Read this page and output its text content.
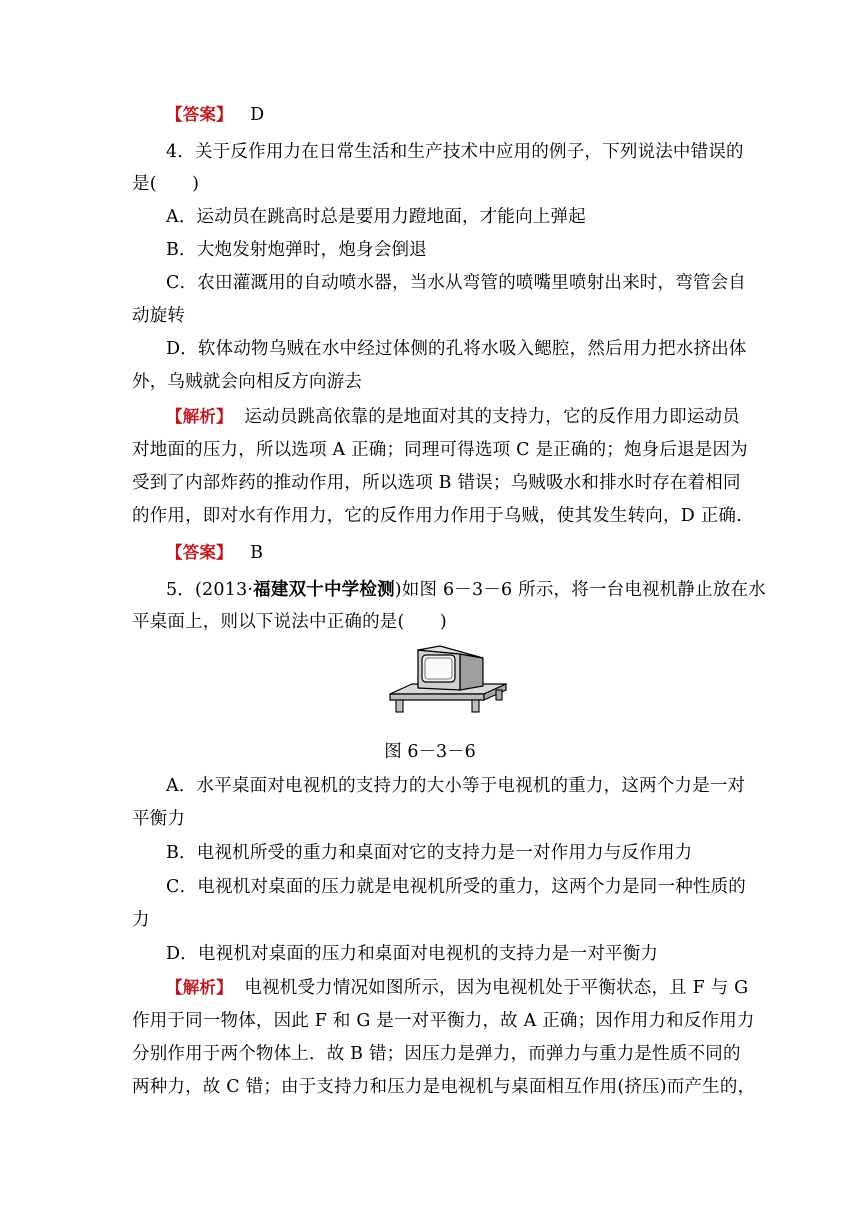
【答案】 D
4．关于反作用力在日常生活和生产技术中应用的例子，下列说法中错误的
是(　　)
A．运动员在跳高时总是要用力蹬地面，才能向上弹起
B．大炮发射炮弹时，炮身会倒退
C．农田灌溉用的自动喷水器，当水从弯管的喷嘴里喷射出来时，弯管会自
动旋转
D．软体动物乌贼在水中经过体侧的孔将水吸入鳃腔，然后用力把水挤出体
外，乌贼就会向相反方向游去
【解析】 运动员跳高依靠的是地面对其的支持力，它的反作用力即运动员
对地面的压力，所以选项 A 正确；同理可得选项 C 是正确的；炮身后退是因为
受到了内部炸药的推动作用，所以选项 B 错误；乌贼吸水和排水时存在着相同
的作用，即对水有作用力，它的反作用力作用于乌贼，使其发生转向，D 正确.
【答案】 B
5．(2013·福建双十中学检测)如图 6－3－6 所示，将一台电视机静止放在水
平桌面上，则以下说法中正确的是(　　)
图 6－3－6
A．水平桌面对电视机的支持力的大小等于电视机的重力，这两个力是一对
平衡力
B．电视机所受的重力和桌面对它的支持力是一对作用力与反作用力
C．电视机对桌面的压力就是电视机所受的重力，这两个力是同一种性质的
力
D．电视机对桌面的压力和桌面对电视机的支持力是一对平衡力
【解析】 电视机受力情况如图所示，因为电视机处于平衡状态，且 F 与 G
作用于同一物体，因此 F 和 G 是一对平衡力，故 A 正确；因作用力和反作用力
分别作用于两个物体上．故 B 错；因压力是弹力，而弹力与重力是性质不同的
两种力，故 C 错；由于支持力和压力是电视机与桌面相互作用(挤压)而产生的，
